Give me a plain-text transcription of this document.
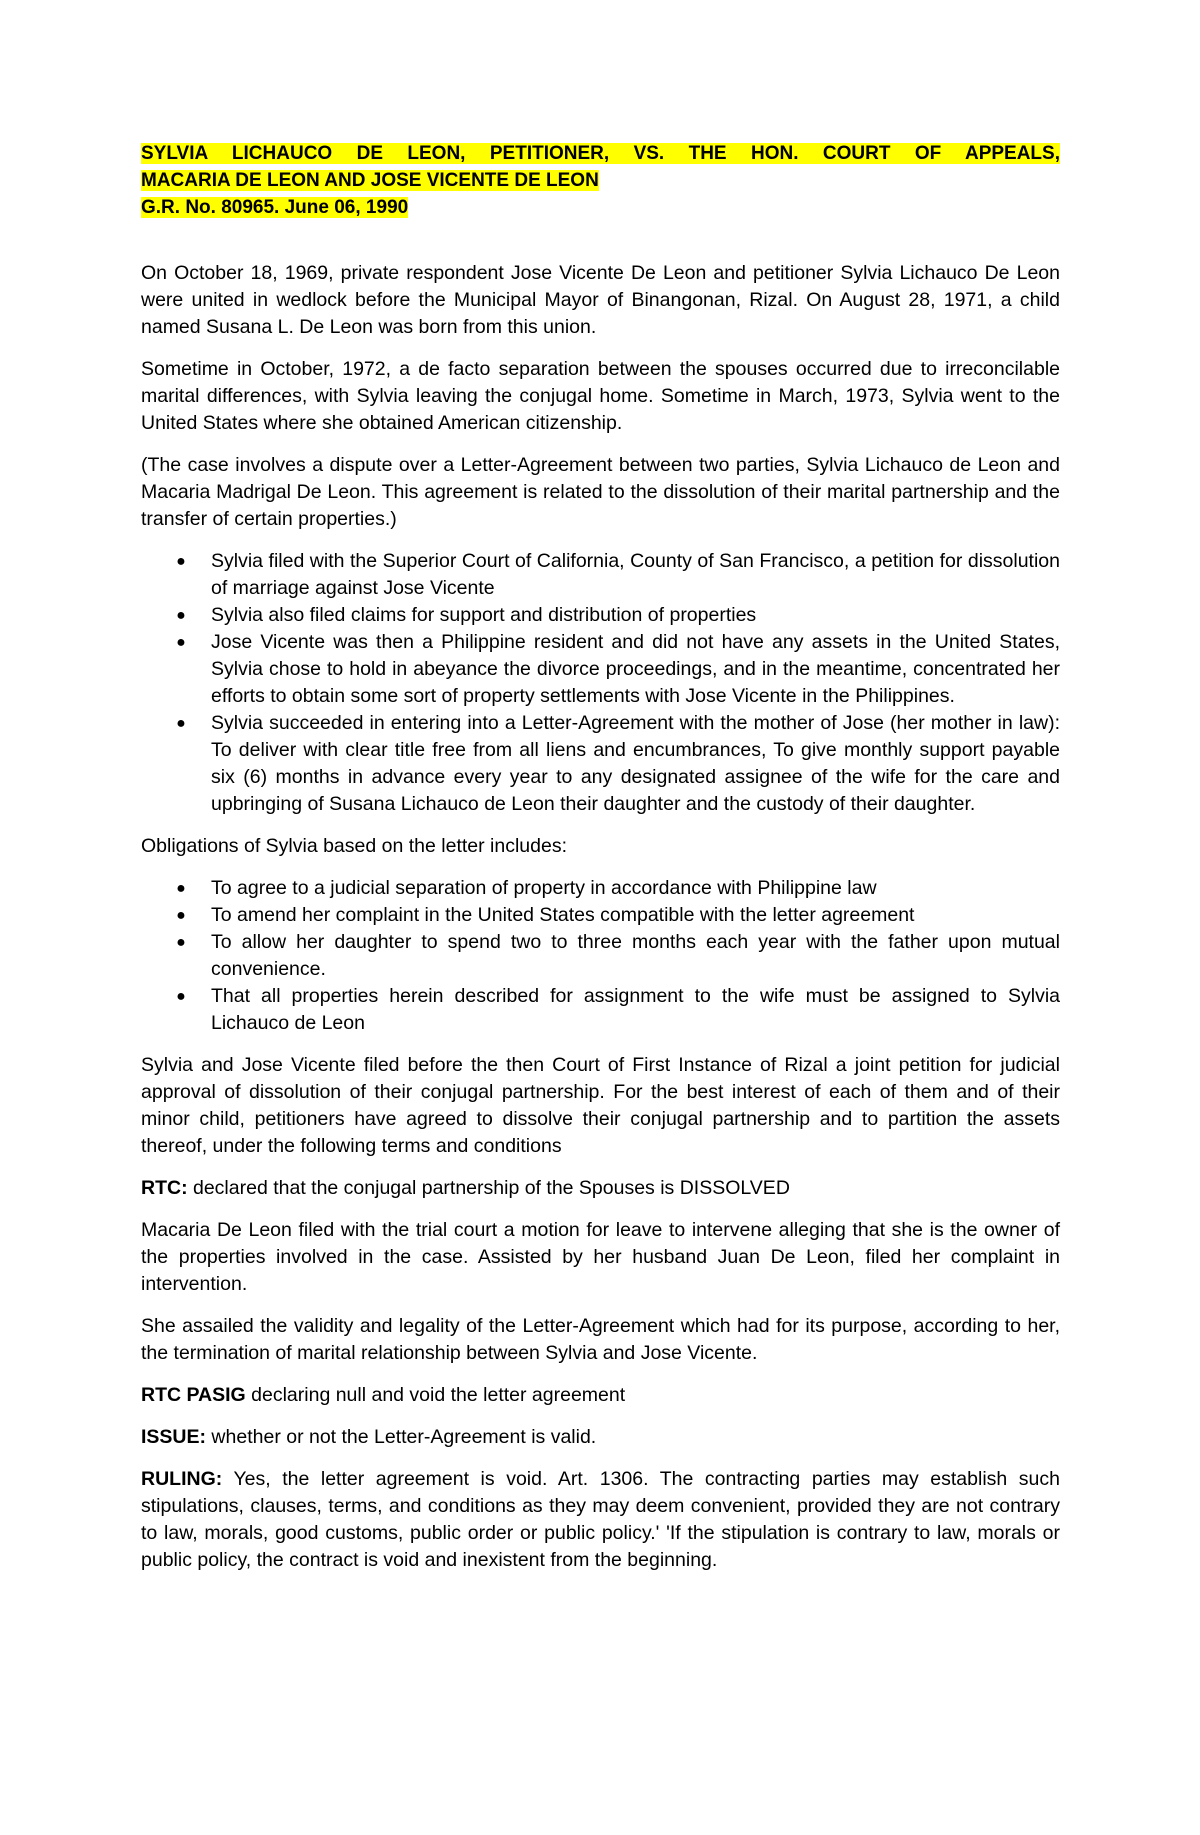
SYLVIA LICHAUCO DE LEON, PETITIONER, VS. THE HON. COURT OF APPEALS,
MACARIA DE LEON AND JOSE VICENTE DE LEON
G.R. No. 80965. June 06, 1990

On October 18, 1969, private respondent Jose Vicente De Leon and petitioner Sylvia Lichauco De Leon were united in wedlock before the Municipal Mayor of Binangonan, Rizal. On August 28, 1971, a child named Susana L. De Leon was born from this union.

Sometime in October, 1972, a de facto separation between the spouses occurred due to irreconcilable marital differences, with Sylvia leaving the conjugal home. Sometime in March, 1973, Sylvia went to the United States where she obtained American citizenship.

(The case involves a dispute over a Letter-Agreement between two parties, Sylvia Lichauco de Leon and Macaria Madrigal De Leon. This agreement is related to the dissolution of their marital partnership and the transfer of certain properties.)

● Sylvia filed with the Superior Court of California, County of San Francisco, a petition for dissolution of marriage against Jose Vicente
● Sylvia also filed claims for support and distribution of properties
● Jose Vicente was then a Philippine resident and did not have any assets in the United States, Sylvia chose to hold in abeyance the divorce proceedings, and in the meantime, concentrated her efforts to obtain some sort of property settlements with Jose Vicente in the Philippines.
● Sylvia succeeded in entering into a Letter-Agreement with the mother of Jose (her mother in law): To deliver with clear title free from all liens and encumbrances, To give monthly support payable six (6) months in advance every year to any designated assignee of the wife for the care and upbringing of Susana Lichauco de Leon their daughter and the custody of their daughter.

Obligations of Sylvia based on the letter includes:

● To agree to a judicial separation of property in accordance with Philippine law
● To amend her complaint in the United States compatible with the letter agreement
● To allow her daughter to spend two to three months each year with the father upon mutual convenience.
● That all properties herein described for assignment to the wife must be assigned to Sylvia Lichauco de Leon

Sylvia and Jose Vicente filed before the then Court of First Instance of Rizal a joint petition for judicial approval of dissolution of their conjugal partnership. For the best interest of each of them and of their minor child, petitioners have agreed to dissolve their conjugal partnership and to partition the assets thereof, under the following terms and conditions

RTC: declared that the conjugal partnership of the Spouses is DISSOLVED

Macaria De Leon filed with the trial court a motion for leave to intervene alleging that she is the owner of the properties involved in the case. Assisted by her husband Juan De Leon, filed her complaint in intervention.

She assailed the validity and legality of the Letter-Agreement which had for its purpose, according to her, the termination of marital relationship between Sylvia and Jose Vicente.

RTC PASIG declaring null and void the letter agreement

ISSUE: whether or not the Letter-Agreement is valid.

RULING: Yes, the letter agreement is void. Art. 1306. The contracting parties may establish such stipulations, clauses, terms, and conditions as they may deem convenient, provided they are not contrary to law, morals, good customs, public order or public policy.' 'If the stipulation is contrary to law, morals or public policy, the contract is void and inexistent from the beginning.
